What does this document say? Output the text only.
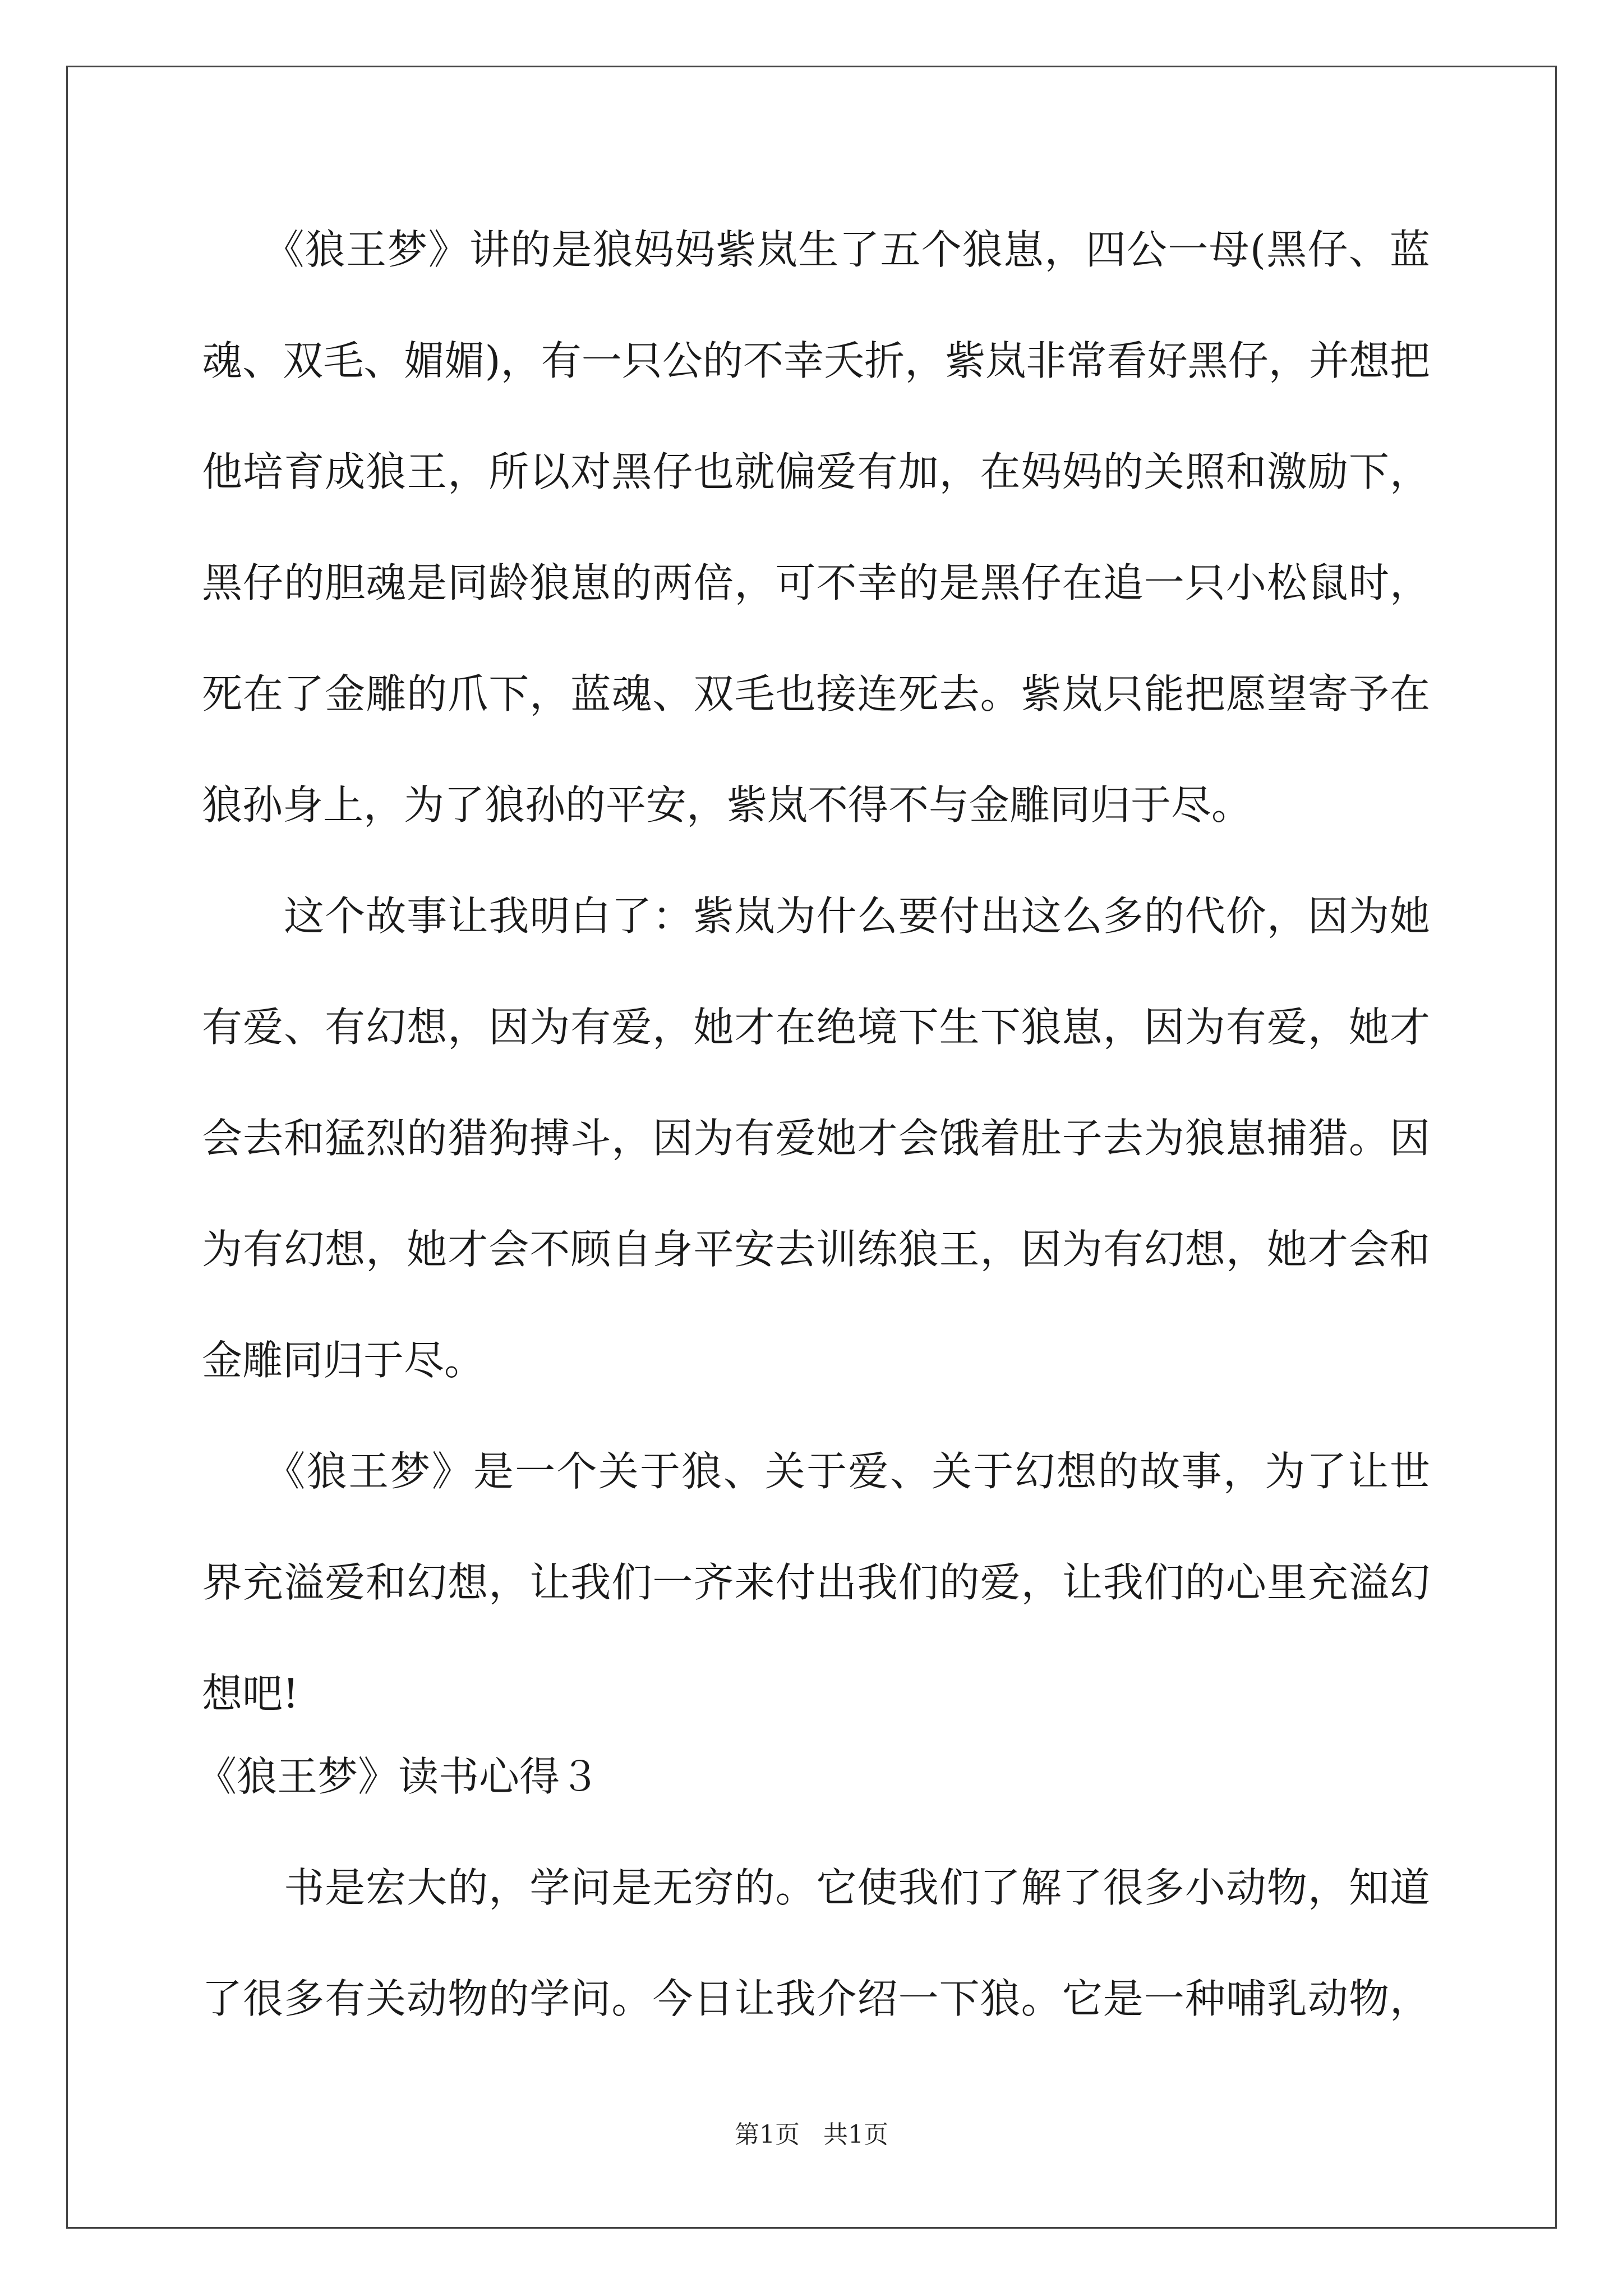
　　《狼王梦》讲的是狼妈妈紫岚生了五个狼崽，四公一母(黑仔、蓝
魂、双毛、媚媚)，有一只公的不幸夭折，紫岚非常看好黑仔，并想把
他培育成狼王，所以对黑仔也就偏爱有加，在妈妈的关照和激励下，
黑仔的胆魂是同龄狼崽的两倍，可不幸的是黑仔在追一只小松鼠时，
死在了金雕的爪下，蓝魂、双毛也接连死去。紫岚只能把愿望寄予在
狼孙身上，为了狼孙的平安，紫岚不得不与金雕同归于尽。
　　这个故事让我明白了：紫岚为什么要付出这么多的代价，因为她
有爱、有幻想，因为有爱，她才在绝境下生下狼崽，因为有爱，她才
会去和猛烈的猎狗搏斗，因为有爱她才会饿着肚子去为狼崽捕猎。因
为有幻想，她才会不顾自身平安去训练狼王，因为有幻想，她才会和
金雕同归于尽。
　　《狼王梦》是一个关于狼、关于爱、关于幻想的故事，为了让世
界充溢爱和幻想，让我们一齐来付出我们的爱，让我们的心里充溢幻
想吧!
《狼王梦》读书心得３
　　书是宏大的，学问是无穷的。它使我们了解了很多小动物，知道
了很多有关动物的学问。今日让我介绍一下狼。它是一种哺乳动物，
第1页 共1页
